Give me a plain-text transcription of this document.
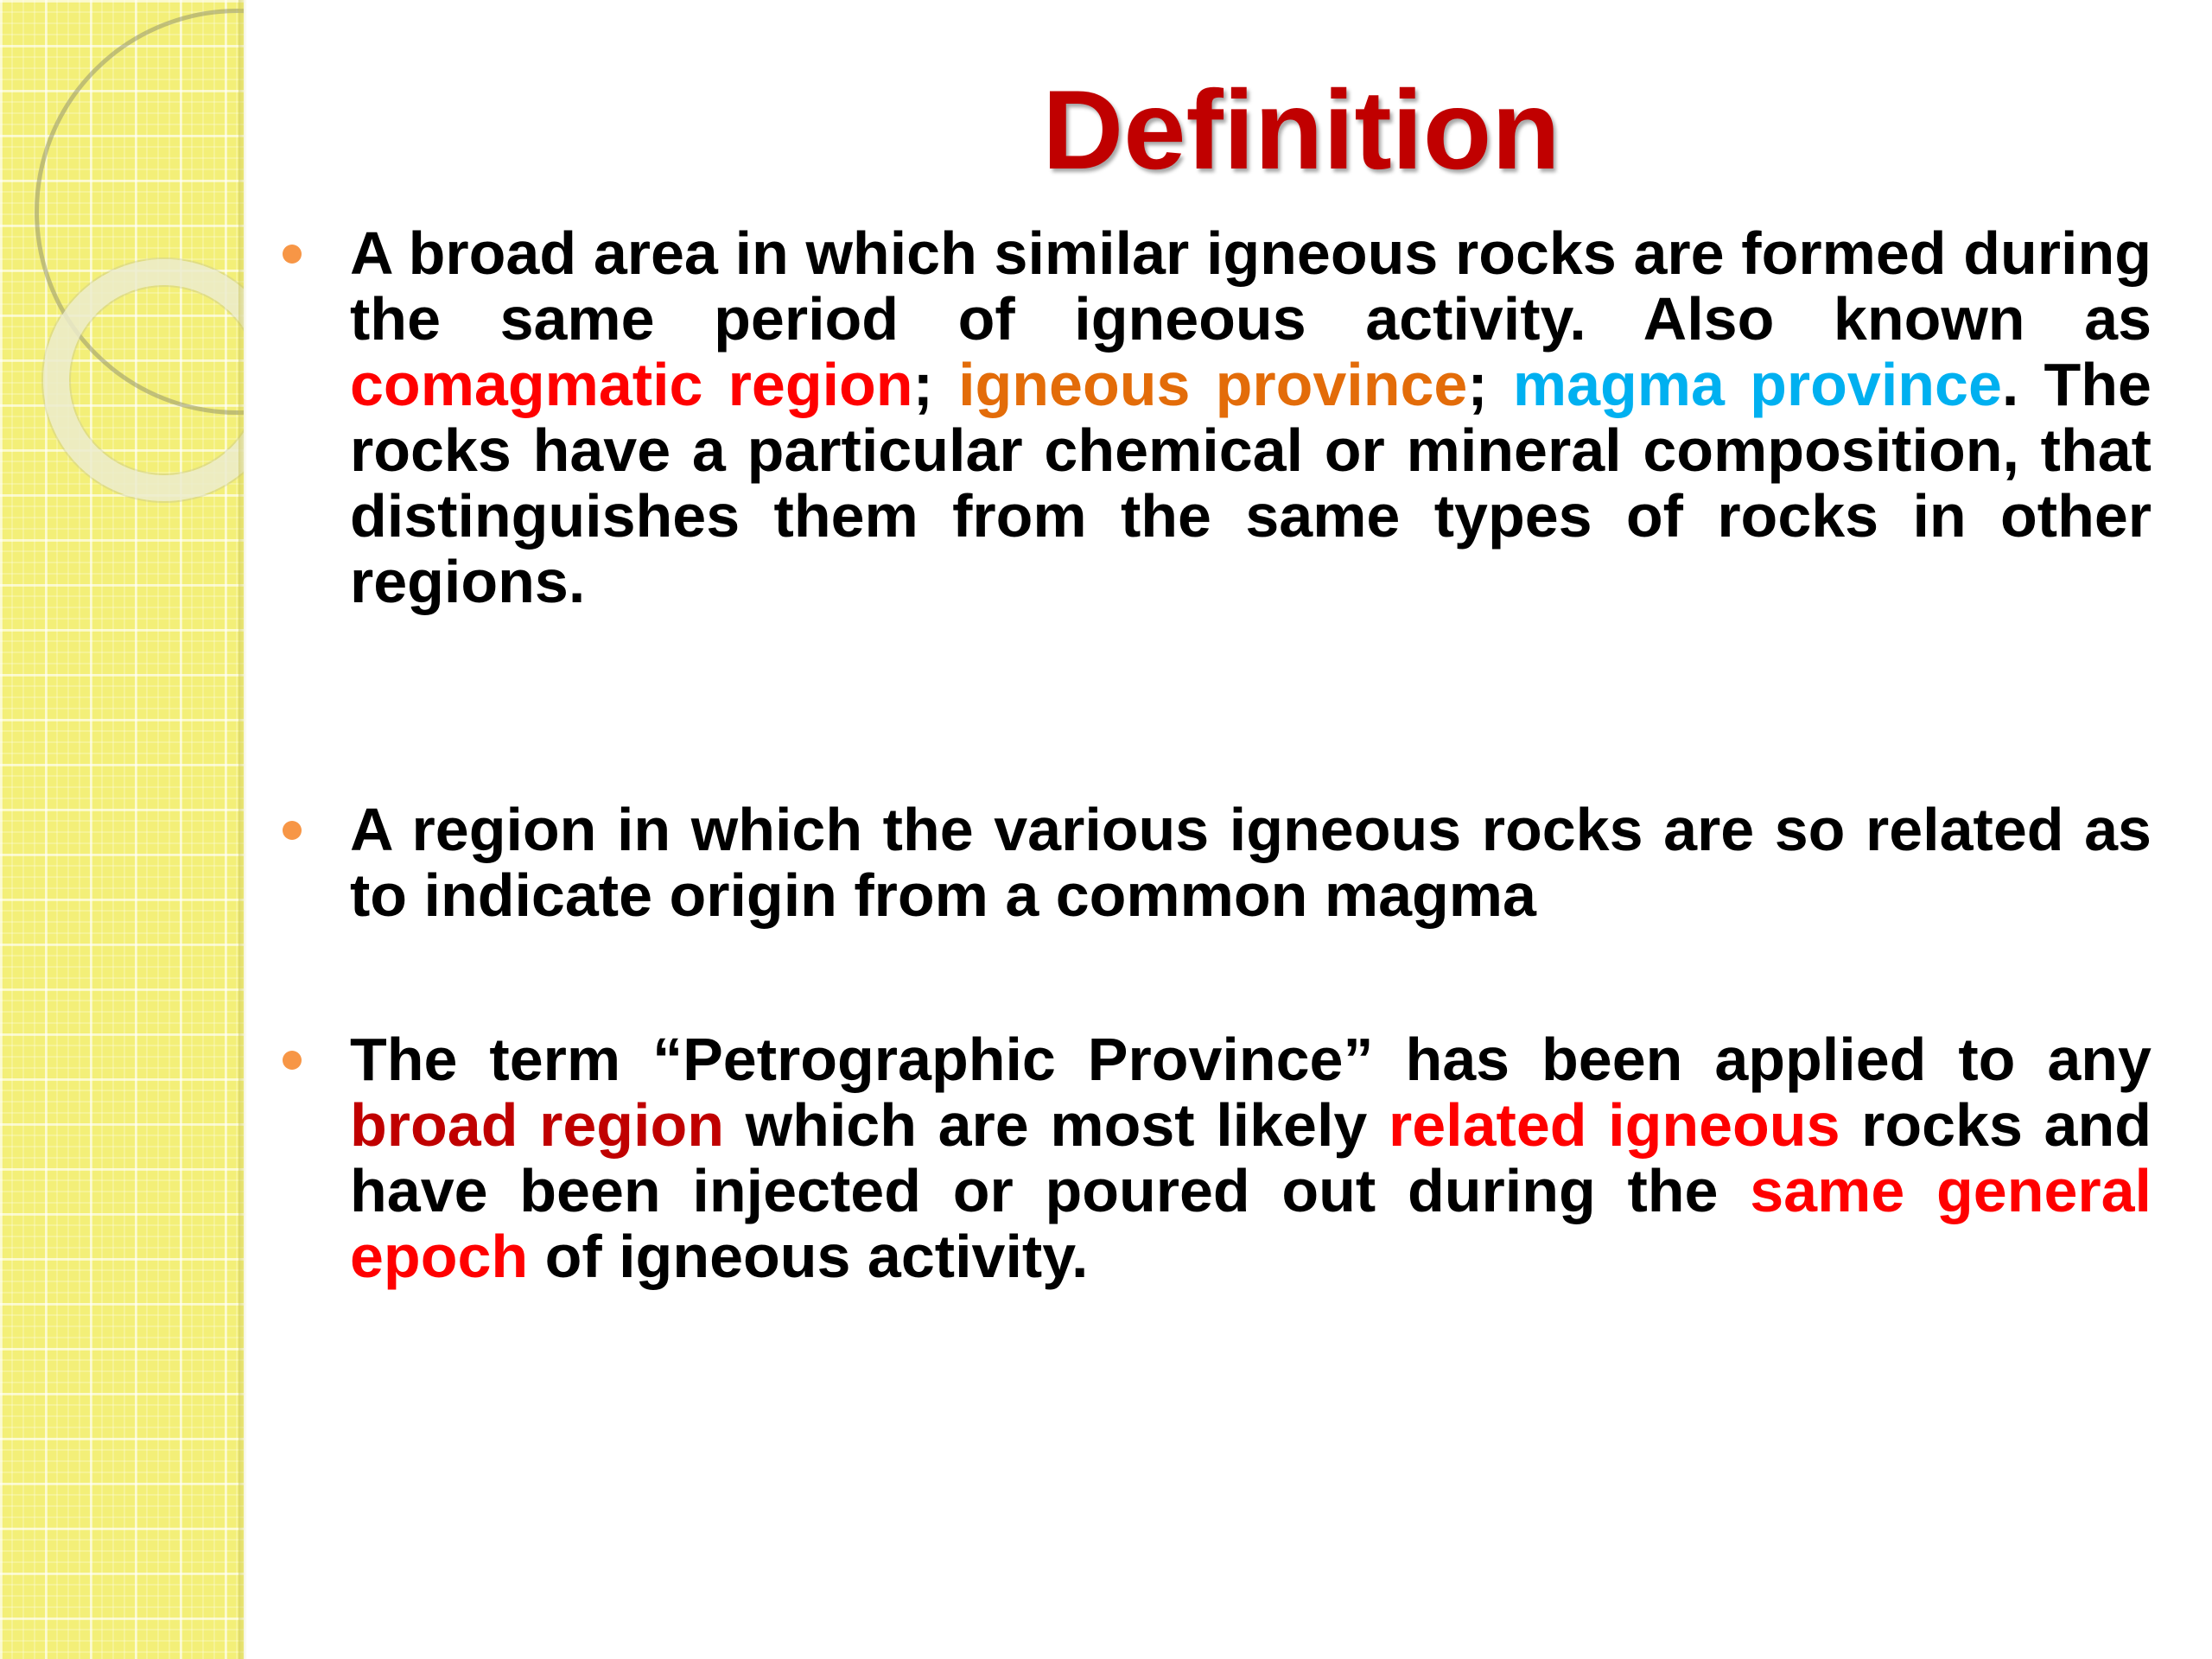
Definition
A broad area in which similar igneous rocks are formed during the same period of igneous activity. Also known as comagmatic region; igneous province; magma province. The rocks have a particular chemical or mineral composition, that distinguishes them from the same types of rocks in other regions.
A region in which the various igneous rocks are so related as to indicate origin from a common magma
The term “Petrographic Province” has been applied to any broad region which are most likely related igneous rocks and have been injected or poured out during the same general epoch of igneous activity.
